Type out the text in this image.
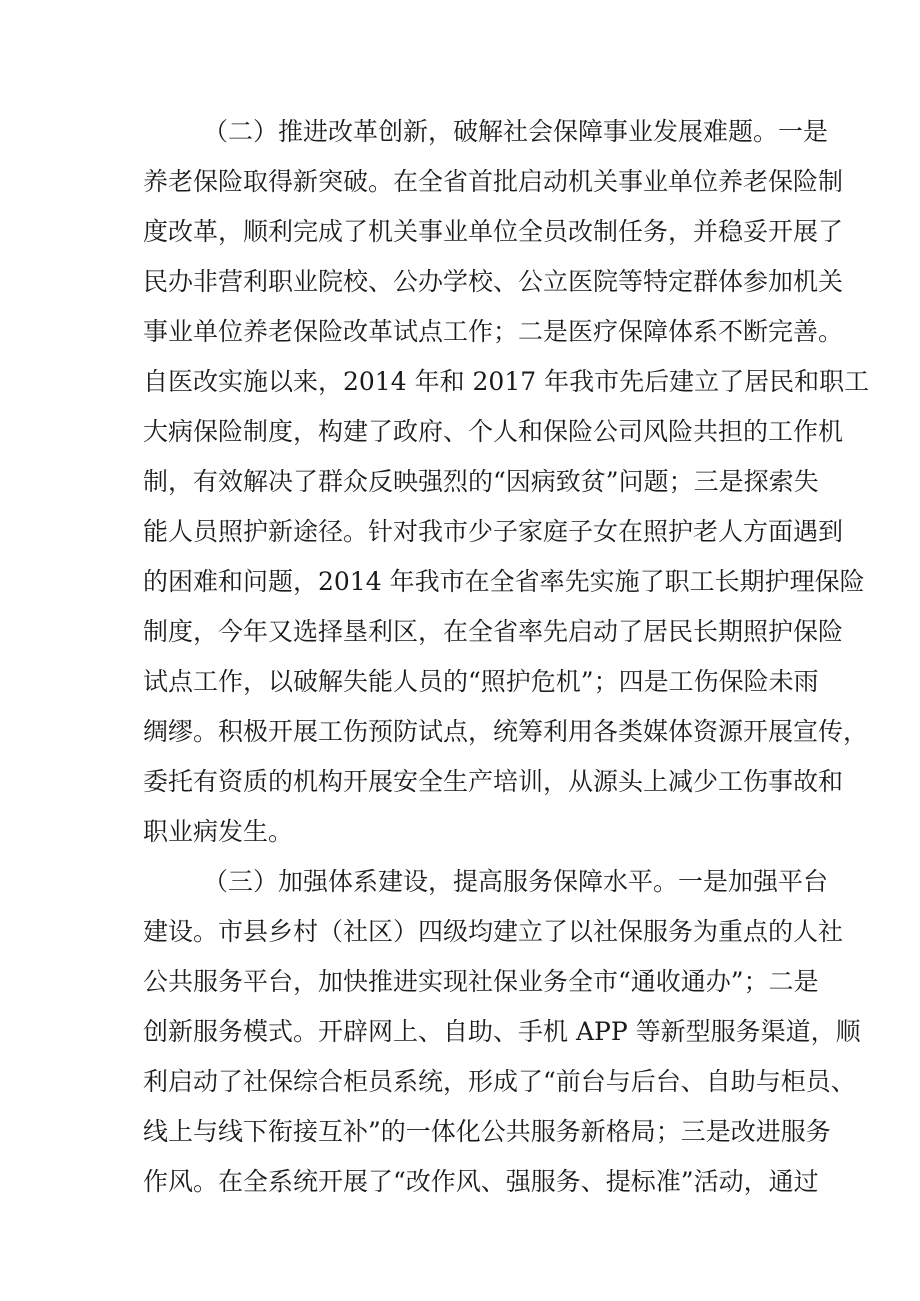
（二）推进改革创新，破解社会保障事业发展难题。一是

养老保险取得新突破。在全省首批启动机关事业单位养老保险制

度改革，顺利完成了机关事业单位全员改制任务，并稳妥开展了

民办非营利职业院校、公办学校、公立医院等特定群体参加机关

事业单位养老保险改革试点工作；二是医疗保障体系不断完善。

自医改实施以来，2014 年和 2017 年我市先后建立了居民和职工

大病保险制度，构建了政府、个人和保险公司风险共担的工作机

制，有效解决了群众反映强烈的“因病致贫”问题；三是探索失

能人员照护新途径。针对我市少子家庭子女在照护老人方面遇到

的困难和问题，2014 年我市在全省率先实施了职工长期护理保险

制度，今年又选择垦利区，在全省率先启动了居民长期照护保险

试点工作，以破解失能人员的“照护危机”；四是工伤保险未雨

绸缪。积极开展工伤预防试点，统筹利用各类媒体资源开展宣传，

委托有资质的机构开展安全生产培训，从源头上减少工伤事故和

职业病发生。

（三）加强体系建设，提高服务保障水平。一是加强平台

建设。市县乡村（社区）四级均建立了以社保服务为重点的人社

公共服务平台，加快推进实现社保业务全市“通收通办”；二是

创新服务模式。开辟网上、自助、手机 APP 等新型服务渠道，顺

利启动了社保综合柜员系统，形成了“前台与后台、自助与柜员、

线上与线下衔接互补”的一体化公共服务新格局；三是改进服务

作风。在全系统开展了“改作风、强服务、提标准”活动，通过
